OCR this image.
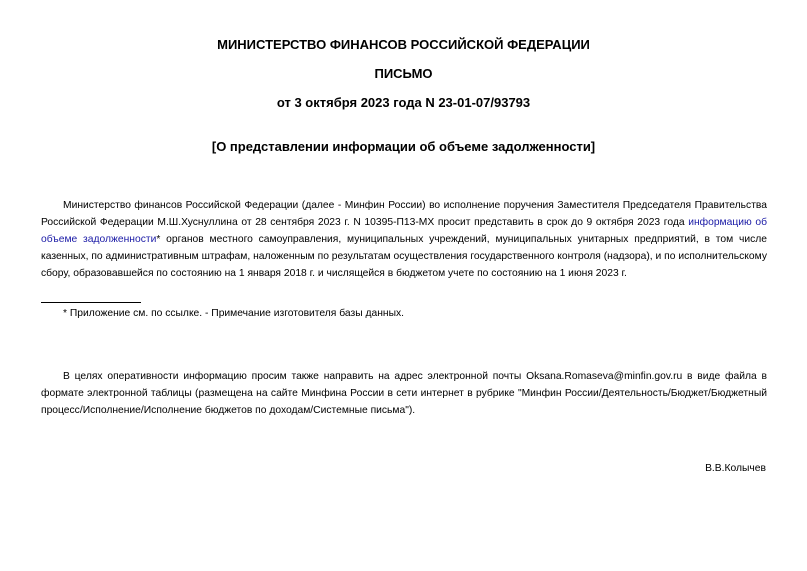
МИНИСТЕРСТВО ФИНАНСОВ РОССИЙСКОЙ ФЕДЕРАЦИИ
ПИСЬМО
от 3 октября 2023 года N 23-01-07/93793
[О представлении информации об объеме задолженности]

Министерство финансов Российской Федерации (далее - Минфин России) во исполнение поручения Заместителя Председателя Правительства Российской Федерации М.Ш.Хуснуллина от 28 сентября 2023 г. N 10395-П13-МХ просит представить в срок до 9 октября 2023 года информацию об объеме задолженности* органов местного самоуправления, муниципальных учреждений, муниципальных унитарных предприятий, в том числе казенных, по административным штрафам, наложенным по результатам осуществления государственного контроля (надзора), и по исполнительскому сбору, образовавшейся по состоянию на 1 января 2018 г. и числящейся в бюджетом учете по состоянию на 1 июня 2023 г.

* Приложение см. по ссылке. - Примечание изготовителя базы данных.

В целях оперативности информацию просим также направить на адрес электронной почты Oksana.Romaseva@minfin.gov.ru в виде файла в формате электронной таблицы (размещена на сайте Минфина России в сети интернет в рубрике "Минфин России/Деятельность/Бюджет/Бюджетный процесс/Исполнение/Исполнение бюджетов по доходам/Системные письма").

В.В.Колычев
